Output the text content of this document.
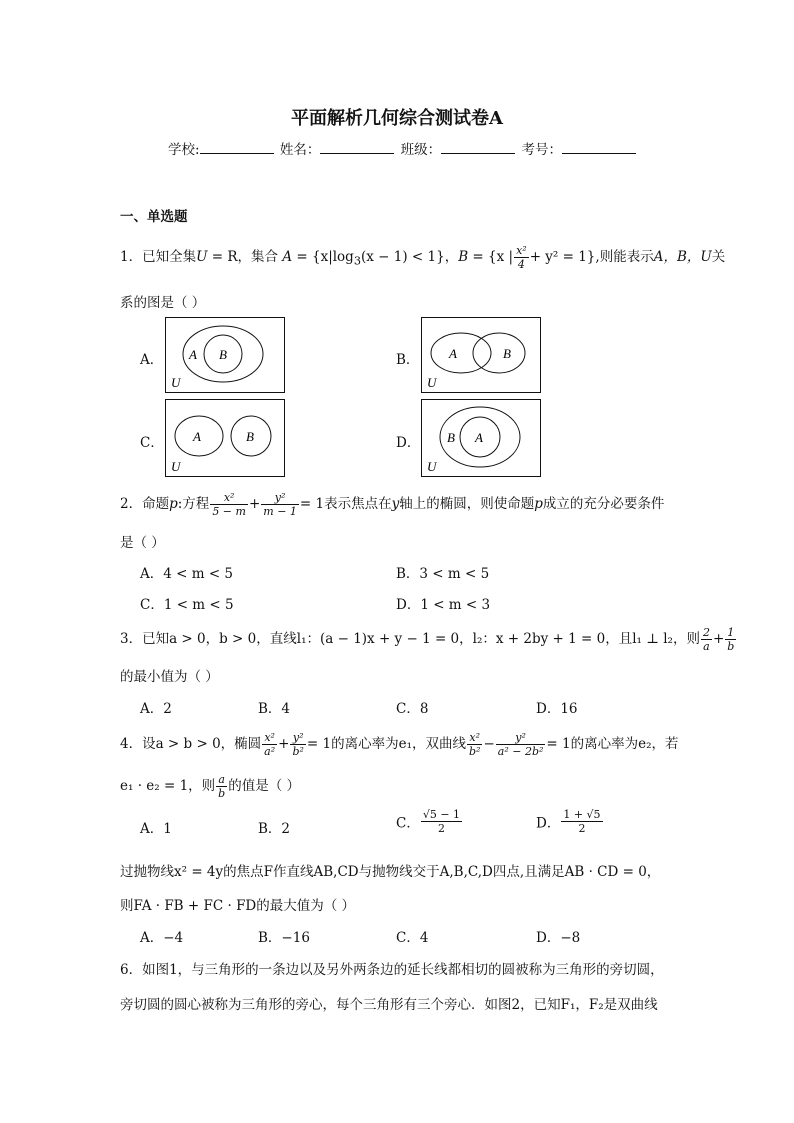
平面解析几何综合测试卷A
学校:	姓名：	班级：	考号：
一、单选题
1．已知全集U = R，集合 $A = \{x|\log_3(x - 1) < 1\}$，B = {x | $\frac{\text{x²}}{4} + y^2 = 1$},则能表示A，B，U关
系的图是（ ）
A．	B．
C．	D．
A B
U
A	B
U
A	B
U
B A
U
2．命题p:方程 $\frac{\text{x²}}{5 - m} + \frac{\text{y²}}{m - 1} = 1$表示焦点在y轴上的椭圆，则使命题p成立的充分必要条件
是（ ）
A．4 < m < 5	B．3 < m < 5
C．1 < m < 5	D．1 < m < 3
3．已知a > 0，b > 0，直线l₁：(a − 1)x + y − 1 = 0，l₂：x + 2by + 1 = 0，且l₁ ⊥ l₂，则 $\frac{2}{a} + \frac{1}{b}$
的最小值为（ ）
A．2	B．4	C．8	D．16
4．设a > b > 0，椭圆 $\frac{\text{x²}}{\text{a²}} + \frac{\text{y²}}{\text{b²}} = 1$的离心率为e₁，双曲线 $\frac{\text{x²}}{\text{b²}} - \frac{\text{y²}}{\text{a² − 2b²}} = 1$的离心率为e₂，若
e₁ · e₂ = 1，则 $\frac{a}{b}$ 的值是（ ）
A．1	B．2	C． $\frac{√5 - 1}{2}$	D． $\frac{1 + √5}{2}$
过抛物线x² = 4y的焦点F作直线AB,CD与抛物线交于A,B,C,D四点,且满足AB · CD = 0，
则FA · FB + FC · FD的最大值为（ ）
A．−4	B．−16	C．4	D．−8
6．如图1，与三角形的一条边以及另外两条边的延长线都相切的圆被称为三角形的旁切圆，
旁切圆的圆心被称为三角形的旁心，每个三角形有三个旁心．如图2，已知F₁，F₂是双曲线
